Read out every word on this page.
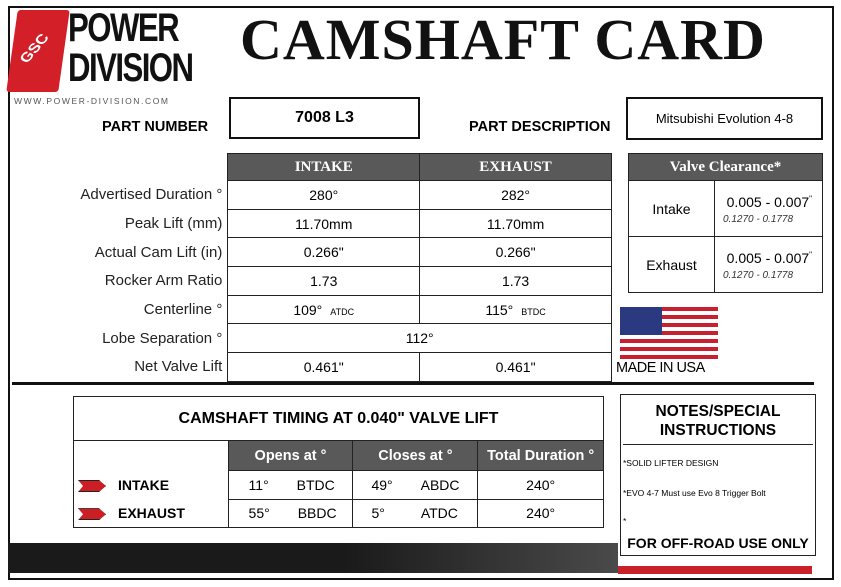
GSC POWER
DIVISION
WWW.POWER-DIVISION.COM
CAMSHAFT CARD
PART NUMBER
7008 L3
PART DESCRIPTION
Mitsubishi Evolution 4-8
	INTAKE	EXHAUST
Advertised Duration °	280°	282°
Peak Lift (mm)	11.70mm	11.70mm
Actual Cam Lift (in)	0.266"	0.266"
Rocker Arm Ratio	1.73	1.73
Centerline °	109° ATDC	115° BTDC
Lobe Separation °	112°	
Net Valve Lift	0.461"	0.461"
Valve Clearance*	
Intake	0.005 - 0.007"
	0.1270 - 0.1778
Exhaust	0.005 - 0.007"
	0.1270 - 0.1778
MADE IN USA
CAMSHAFT TIMING AT 0.040" VALVE LIFT
	Opens at °	Closes at °	Total Duration °
INTAKE	11° BTDC	49° ABDC	240°
EXHAUST	55° BBDC	5° ATDC	240°
NOTES/SPECIAL INSTRUCTIONS
*SOLID LIFTER DESIGN
*EVO 4-7 Must use Evo 8 Trigger Bolt
*
FOR OFF-ROAD USE ONLY
